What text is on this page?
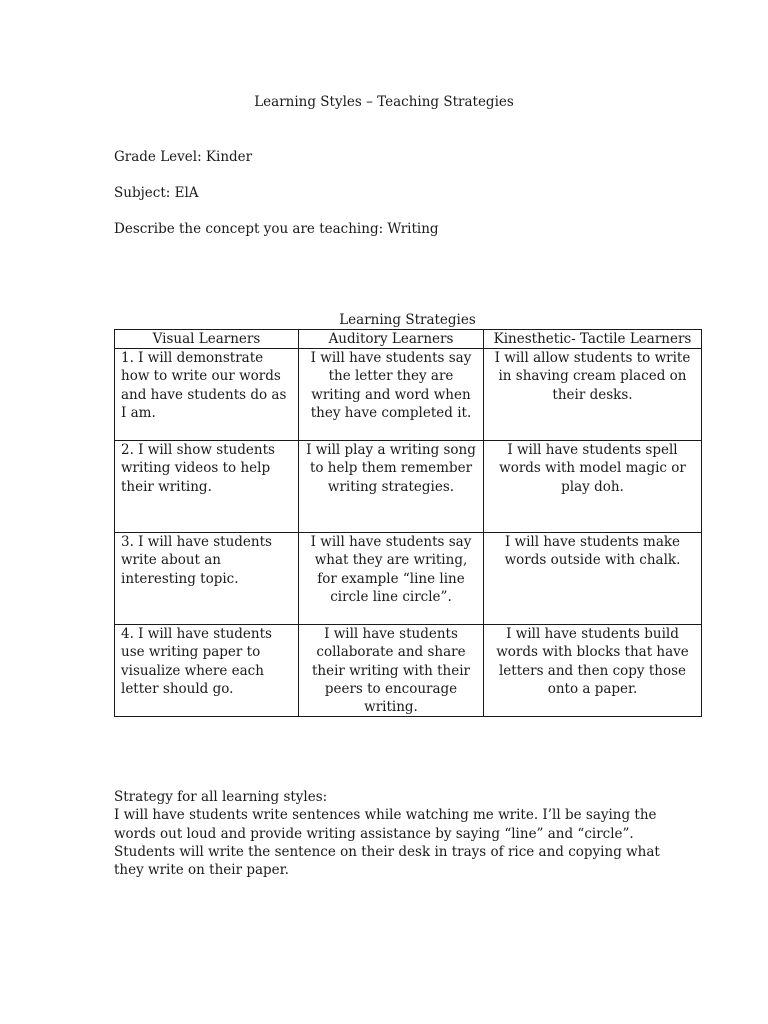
Learning Styles – Teaching Strategies
Grade Level: Kinder
Subject: ElA
Describe the concept you are teaching: Writing
Learning Strategies
Visual Learners	Auditory Learners	Kinesthetic- Tactile Learners
1. I will demonstrate how to write our words and have students do as I am.	I will have students say the letter they are writing and word when they have completed it.	I will allow students to write in shaving cream placed on their desks.
2. I will show students writing videos to help their writing.	I will play a writing song to help them remember writing strategies.	I will have students spell words with model magic or play doh.
3. I will have students write about an interesting topic.	I will have students say what they are writing, for example “line line circle line circle”.	I will have students make words outside with chalk.
4. I will have students use writing paper to visualize where each letter should go.	I will have students collaborate and share their writing with their peers to encourage writing.	I will have students build words with blocks that have letters and then copy those onto a paper.
Strategy for all learning styles:
I will have students write sentences while watching me write. I’ll be saying the words out loud and provide writing assistance by saying “line” and “circle”. Students will write the sentence on their desk in trays of rice and copying what they write on their paper.
